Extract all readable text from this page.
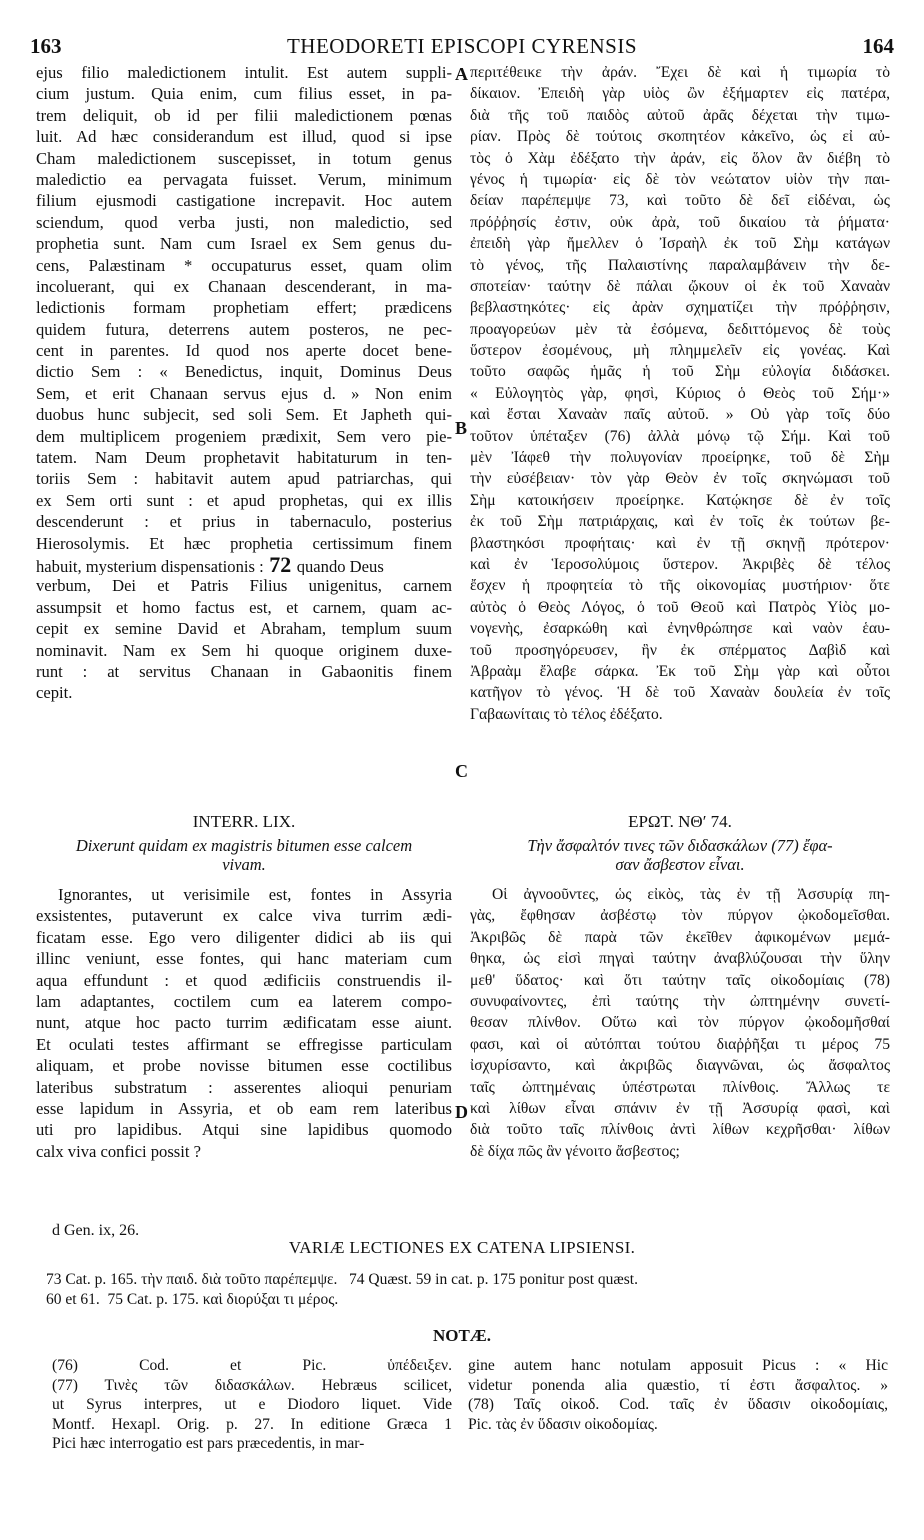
163	THEODORETI EPISCOPI CYRENSIS	164
ejus filio maledictionem intulit. Est autem suppli-
cium justum. Quia enim, cum filius esset, in pa-
trem deliquit, ob id per filii maledictionem pœnas
luit. Ad hæc considerandum est illud, quod si ipse
Cham maledictionem suscepisset, in totum genus
maledictio ea pervagata fuisset. Verum, minimum
filium ejusmodi castigatione increpavit. Hoc autem
sciendum, quod verba justi, non maledictio, sed
prophetia sunt. Nam cum Israel ex Sem genus du-
cens, Palæstinam * occupaturus esset, quam olim
incoluerant, qui ex Chanaan descenderant, in ma-
ledictionis formam prophetiam effert; prædicens
quidem futura, deterrens autem posteros, ne pec-
cent in parentes. Id quod nos aperte docet bene-
dictio Sem : « Benedictus, inquit, Dominus Deus
Sem, et erit Chanaan servus ejus d. » Non enim
duobus hunc subjecit, sed soli Sem. Et Japheth qui-
dem multiplicem progeniem prædixit, Sem vero pie-
tatem. Nam Deum prophetavit habitaturum in ten-
toriis Sem : habitavit autem apud patriarchas, qui
ex Sem orti sunt : et apud prophetas, qui ex illis
descenderunt : et prius in tabernaculo, posterius
Hierosolymis. Et hæc prophetia certissimum finem
habuit, mysterium dispensationis : 72 quando Deus
verbum, Dei et Patris Filius unigenitus, carnem
assumpsit et homo factus est, et carnem, quam ac-
cepit ex semine David et Abraham, templum suum
nominavit. Nam ex Sem hi quoque originem duxe-
runt : at servitus Chanaan in Gabaonitis finem
cepit.
περιτέθεικε τὴν ἀράν. Ἔχει δὲ καὶ ἡ τιμωρία τὸ
δίκαιον. Ἐπειδὴ γὰρ υἱὸς ὢν ἐξήμαρτεν εἰς πατέρα,
διὰ τῆς τοῦ παιδὸς αὐτοῦ ἀρᾶς δέχεται τὴν τιμω-
ρίαν. Πρὸς δὲ τούτοις σκοπητέον κἀκεῖνο, ὡς εἰ αὐ-
τὸς ὁ Χὰμ ἐδέξατο τὴν ἀράν, εἰς ὅλον ἂν διέβη τὸ
γένος ἡ τιμωρία· εἰς δὲ τὸν νεώτατον υἱὸν τὴν παι-
δείαν παρέπεμψε 73, καὶ τοῦτο δὲ δεῖ εἰδέναι, ὡς
πρόῤῥησίς ἐστιν, οὐκ ἀρὰ, τοῦ δικαίου τὰ ῥήματα·
ἐπειδὴ γὰρ ἤμελλεν ὁ Ἰσραὴλ ἐκ τοῦ Σὴμ κατάγων
τὸ γένος, τῆς Παλαιστίνης παραλαμβάνειν τὴν δε-
σποτείαν· ταύτην δὲ πάλαι ᾤκουν οἱ ἐκ τοῦ Χαναὰν
βεβλαστηκότες· εἰς ἀρὰν σχηματίζει τὴν πρόῤῥησιν,
προαγορεύων μὲν τὰ ἐσόμενα, δεδιττόμενος δὲ τοὺς
ὕστερον ἐσομένους, μὴ πλημμελεῖν εἰς γονέας. Καὶ
τοῦτο σαφῶς ἡμᾶς ἡ τοῦ Σὴμ εὐλογία διδάσκει.
« Εὐλογητὸς γὰρ, φησὶ, Κύριος ὁ Θεὸς τοῦ Σήμ·»
καὶ ἔσται Χαναὰν παῖς αὐτοῦ. » Οὐ γὰρ τοῖς δύο
τοῦτον ὑπέταξεν (76) ἀλλὰ μόνῳ τῷ Σήμ. Καὶ τοῦ
μὲν Ἰάφεθ τὴν πολυγονίαν προείρηκε, τοῦ δὲ Σὴμ
τὴν εὐσέβειαν· τὸν γὰρ Θεὸν ἐν τοῖς σκηνώμασι τοῦ
Σὴμ κατοικήσειν προείρηκε. Κατῴκησε δὲ ἐν τοῖς
ἐκ τοῦ Σὴμ πατριάρχαις, καὶ ἐν τοῖς ἐκ τούτων βε-
βλαστηκόσι προφήταις· καὶ ἐν τῇ σκηνῇ πρότερον·
καὶ ἐν Ἱεροσολύμοις ὕστερον. Ἀκριβὲς δὲ τέλος
ἔσχεν ἡ προφητεία τὸ τῆς οἰκονομίας μυστήριον· ὅτε
αὐτὸς ὁ Θεὸς Λόγος, ὁ τοῦ Θεοῦ καὶ Πατρὸς Υἱὸς μο-
νογενὴς, ἐσαρκώθη καὶ ἐνηνθρώπησε καὶ ναὸν ἑαυ-
τοῦ προσηγόρευσεν, ἣν ἐκ σπέρματος Δαβὶδ καὶ
Ἀβραὰμ ἔλαβε σάρκα. Ἐκ τοῦ Σὴμ γὰρ καὶ οὗτοι
κατῆγον τὸ γένος. Ἡ δὲ τοῦ Χαναὰν δουλεία ἐν τοῖς
Γαβαωνίταις τὸ τέλος ἐδέξατο.
A
B
C
D
INTERR. LIX.
Dixerunt quidam ex magistris bitumen esse calcem
vivam.
Ignorantes, ut verisimile est, fontes in Assyria
exsistentes, putaverunt ex calce viva turrim ædi-
ficatam esse. Ego vero diligenter didici ab iis qui
illinc veniunt, esse fontes, qui hanc materiam cum
aqua effundunt : et quod ædificiis construendis il-
lam adaptantes, coctilem cum ea laterem compo-
nunt, atque hoc pacto turrim ædificatam esse aiunt.
Et oculati testes affirmant se effregisse particulam
aliquam, et probe novisse bitumen esse coctilibus
lateribus substratum : asserentes alioqui penuriam
esse lapidum in Assyria, et ob eam rem lateribus
uti pro lapidibus. Atqui sine lapidibus quomodo
calx viva confici possit ?
ΕΡΩΤ. ΝΘʹ 74.
Τὴν ἄσφαλτόν τινες τῶν διδασκάλων (77) ἔφα-
σαν ἄσβεστον εἶναι.
Οἱ ἀγνοοῦντες, ὡς εἰκὸς, τὰς ἐν τῇ Ἀσσυρίᾳ πη-
γὰς, ἔφθησαν ἀσβέστῳ τὸν πύργον ᾠκοδομεῖσθαι.
Ἀκριβῶς δὲ παρὰ τῶν ἐκεῖθεν ἀφικομένων μεμά-
θηκα, ὡς εἰσὶ πηγαὶ ταύτην ἀναβλύζουσαι τὴν ὕλην
μεθ' ὕδατος· καὶ ὅτι ταύτην ταῖς οἰκοδομίαις (78)
συνυφαίνοντες, ἐπὶ ταύτης τὴν ὠπτημένην συνετί-
θεσαν πλίνθον. Οὕτω καὶ τὸν πύργον ᾠκοδομῆσθαί
φασι, καὶ οἱ αὐτόπται τούτου διαῤῥῆξαι τι μέρος 75
ἰσχυρίσαντο, καὶ ἀκριβῶς διαγνῶναι, ὡς ἄσφαλτος
ταῖς ὠπτημέναις ὑπέστρωται πλίνθοις. Ἄλλως τε
καὶ λίθων εἶναι σπάνιν ἐν τῇ Ἀσσυρίᾳ φασὶ, καὶ
διὰ τοῦτο ταῖς πλίνθοις ἀντὶ λίθων κεχρῆσθαι· λίθων
δὲ δίχα πῶς ἂν γένοιτο ἄσβεστος;
d Gen. ix, 26.
VARIÆ LECTIONES EX CATENA LIPSIENSI.
73 Cat. p. 165. τὴν παιδ. διὰ τοῦτο παρέπεμψε.   74 Quæst. 59 in cat. p. 175 ponitur post quæst.
60 et 61.  75 Cat. p. 175. καὶ διορύξαι τι μέρος.
NOTÆ.
(76) Cod. et Pic. ὑπέδειξεν.
(77) Τινὲς τῶν διδασκάλων. Hebræus scilicet,
ut Syrus interpres, ut e Diodoro liquet. Vide
Montf. Hexapl. Orig. p. 27. In editione Græca 1
Pici hæc interrogatio est pars præcedentis, in mar-
gine autem hanc notulam apposuit Picus : « Hic
videtur ponenda alia quæstio, τί ἐστι ἄσφαλτος. »
(78) Ταῖς οἰκοδ. Cod. ταῖς ἐν ὕδασιν οἰκοδομίαις,
Pic. τὰς ἐν ὕδασιν οἰκοδομίας.
